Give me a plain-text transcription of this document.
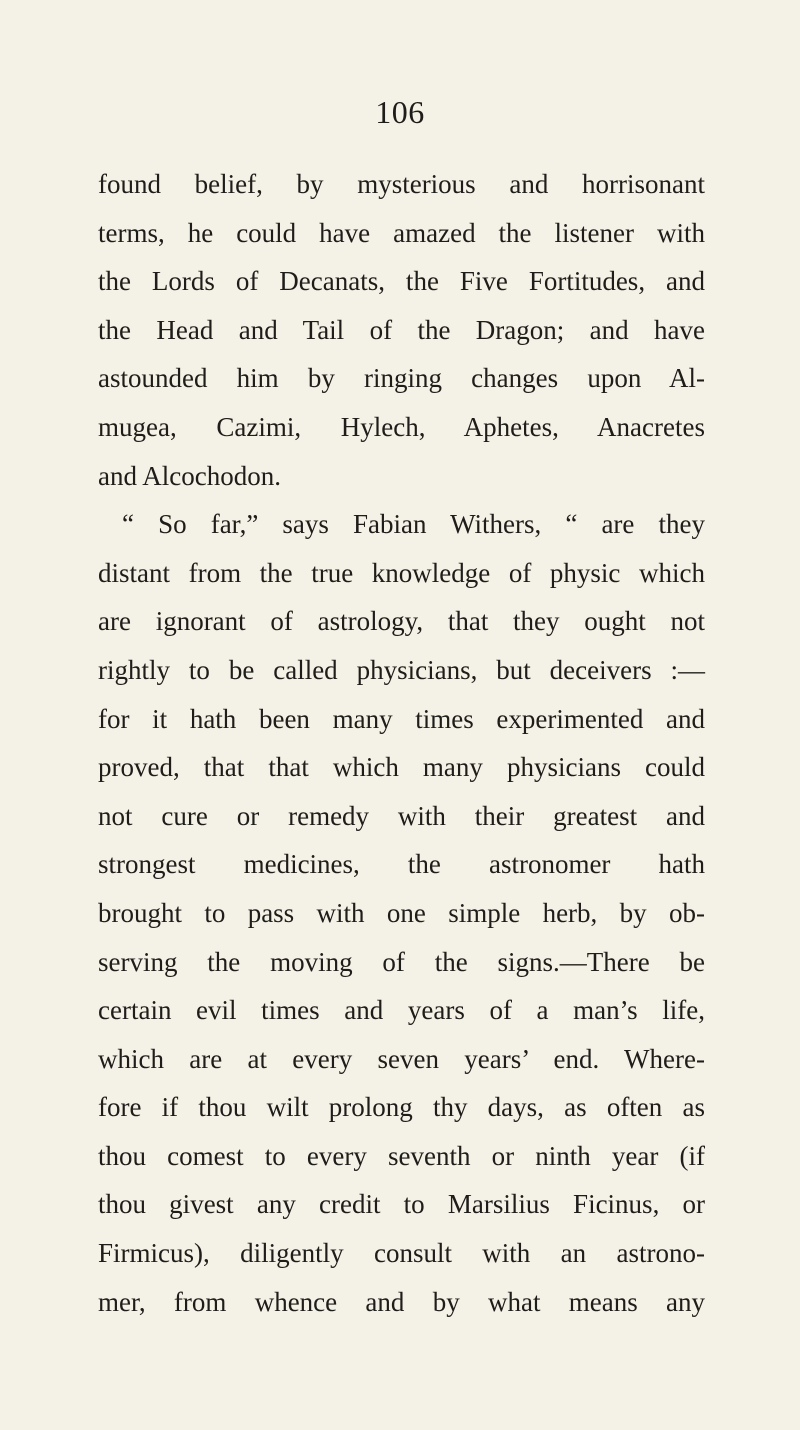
106
found belief, by mysterious and horrisonant
terms, he could have amazed the listener with
the Lords of Decanats, the Five Fortitudes, and
the Head and Tail of the Dragon; and have
astounded him by ringing changes upon Al-
mugea, Cazimi, Hylech, Aphetes, Anacretes
and Alcochodon.
“ So far,” says Fabian Withers, “ are they
distant from the true knowledge of physic which
are ignorant of astrology, that they ought not
rightly to be called physicians, but deceivers :—
for it hath been many times experimented and
proved, that that which many physicians could
not cure or remedy with their greatest and
strongest medicines, the astronomer hath
brought to pass with one simple herb, by ob-
serving the moving of the signs.—There be
certain evil times and years of a man’s life,
which are at every seven years’ end. Where-
fore if thou wilt prolong thy days, as often as
thou comest to every seventh or ninth year (if
thou givest any credit to Marsilius Ficinus, or
Firmicus), diligently consult with an astrono-
mer, from whence and by what means any
